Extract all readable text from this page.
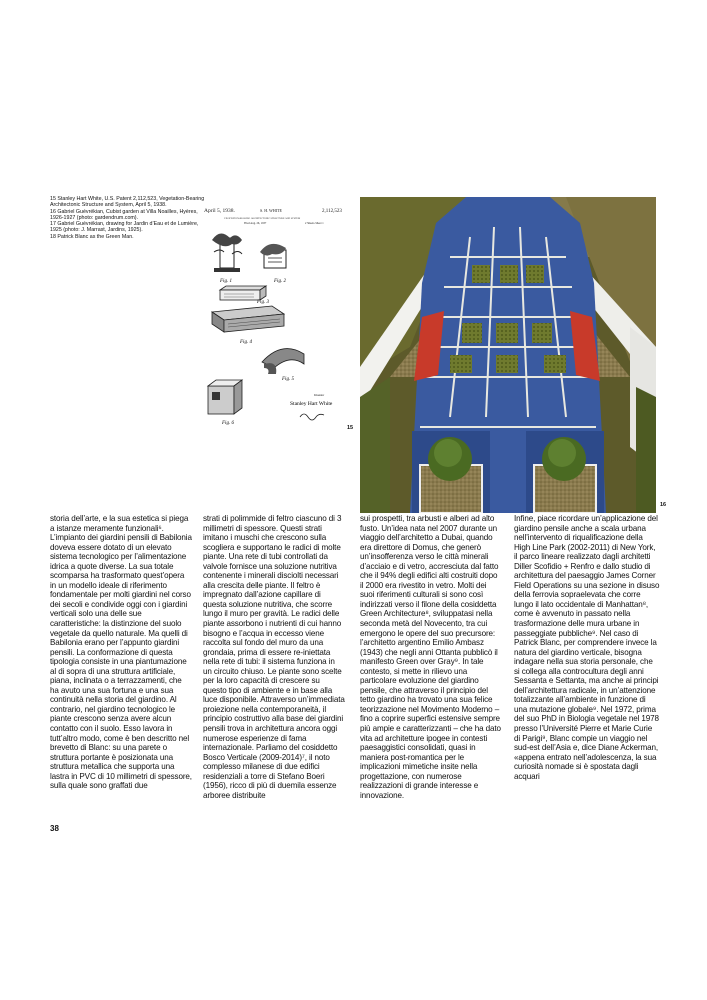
15 Stanley Hart White, U.S. Patent 2,112,523, Vegetation-Bearing Architectonic Structure and System, April 5, 1938.

16 Gabriel Guévrékian, Cubist garden at Villa Noailles, Hyères, 1926-1927 (photo: gardendrum.com).

17 Gabriel Guévrékian, drawing for Jardin d’Eau et de Lumière, 1925 (photo: J. Marrast, Jardins, 1925).

18 Patrick Blanc as the Green Man.

April 5, 1938.	S. H. WHITE	2,112,523
VEGETATION-BEARING ARCHITECTONIC STRUCTURE AND SYSTEM
Filed Aug. 26, 1937	2 Sheets-Sheet 1
Fig. 1	Fig. 2
Fig. 3
Fig. 4
Fig. 5
Fig. 6
Inventor
Stanley Hart White
15
16

storia dell’arte, e la sua estetica si piega a istanze meramente funzionali⁶. L’impianto dei giardini pensili di Babilonia doveva essere dotato di un elevato sistema tecnologico per l’alimentazione idrica a quote diverse. La sua totale scomparsa ha trasformato quest’opera in un modello ideale di riferimento fondamentale per molti giardini nel corso dei secoli e condivide oggi con i giardini verticali solo una delle sue caratteristiche: la distinzione del suolo vegetale da quello naturale. Ma quelli di Babilonia erano per l’appunto giardini pensili. La conformazione di questa tipologia consiste in una piantumazione al di sopra di una struttura artificiale, piana, inclinata o a terrazzamenti, che ha avuto una sua fortuna e una sua continuità nella storia del giardino. Al contrario, nel giardino tecnologico le piante crescono senza avere alcun contatto con il suolo. Esso lavora in tutt’altro modo, come è ben descritto nel brevetto di Blanc: su una parete o struttura portante è posizionata una struttura metallica che supporta una lastra in PVC di 10 millimetri di spessore, sulla quale sono graffati due

strati di polimmide di feltro ciascuno di 3 millimetri di spessore. Questi strati imitano i muschi che crescono sulla scogliera e supportano le radici di molte piante. Una rete di tubi controllati da valvole fornisce una soluzione nutritiva contenente i minerali disciolti necessari alla crescita delle piante. Il feltro è impregnato dall’azione capillare di questa soluzione nutritiva, che scorre lungo il muro per gravità. Le radici delle piante assorbono i nutrienti di cui hanno bisogno e l’acqua in eccesso viene raccolta sul fondo del muro da una grondaia, prima di essere re-iniettata nella rete di tubi: il sistema funziona in un circuito chiuso. Le piante sono scelte per la loro capacità di crescere su questo tipo di ambiente e in base alla luce disponibile. Attraverso un’immediata proiezione nella contemporaneità, il principio costruttivo alla base dei giardini pensili trova in architettura ancora oggi numerose esperienze di fama internazionale. Parliamo del cosiddetto Bosco Verticale (2009-2014)⁷, il noto complesso milanese di due edifici residenziali a torre di Stefano Boeri (1956), ricco di più di duemila essenze arboree distribuite

sui prospetti, tra arbusti e alberi ad alto fusto. Un’idea nata nel 2007 durante un viaggio dell’architetto a Dubai, quando era direttore di Domus, che generò un’insofferenza verso le città minerali d’acciaio e di vetro, accresciuta dal fatto che il 94% degli edifici alti costruiti dopo il 2000 era rivestito in vetro. Molti dei suoi riferimenti culturali si sono così indirizzati verso il filone della cosiddetta Green Architecture⁸, sviluppatasi nella seconda metà del Novecento, tra cui emergono le opere del suo precursore: l’architetto argentino Emilio Ambasz (1943) che negli anni Ottanta pubblicò il manifesto Green over Gray⁹. In tale contesto, si mette in rilievo una particolare evoluzione del giardino pensile, che attraverso il principio del tetto giardino ha trovato una sua felice teorizzazione nel Movimento Moderno – fino a coprire superfici estensive sempre più ampie e caratterizzanti – che ha dato vita ad architetture ipogee in contesti paesaggistici consolidati, quasi in maniera post-romantica per le implicazioni mimetiche insite nella progettazione, con numerose realizzazioni di grande interesse e innovazione.

Infine, piace ricordare un’applicazione del giardino pensile anche a scala urbana nell’intervento di riqualificazione della High Line Park (2002-2011) di New York, il parco lineare realizzato dagli architetti Diller Scofidio + Renfro e dallo studio di architettura del paesaggio James Corner Field Operations su una sezione in disuso della ferrovia sopraelevata che corre lungo il lato occidentale di Manhattan⁸, come è avvenuto in passato nella trasformazione delle mura urbane in passeggiate pubbliche⁹. Nel caso di Patrick Blanc, per comprendere invece la natura del giardino verticale, bisogna indagare nella sua storia personale, che si collega alla controcultura degli anni Sessanta e Settanta, ma anche ai principi dell’architettura radicale, in un’attenzione totalizzante all’ambiente in funzione di una mutazione globale⁹. Nel 1972, prima del suo PhD in Biologia vegetale nel 1978 presso l’Université Pierre et Marie Curie di Parigi⁹, Blanc compie un viaggio nel sud-est dell’Asia e, dice Diane Ackerman, «appena entrato nell’adolescenza, la sua curiosità nomade si è spostata dagli acquari

38
